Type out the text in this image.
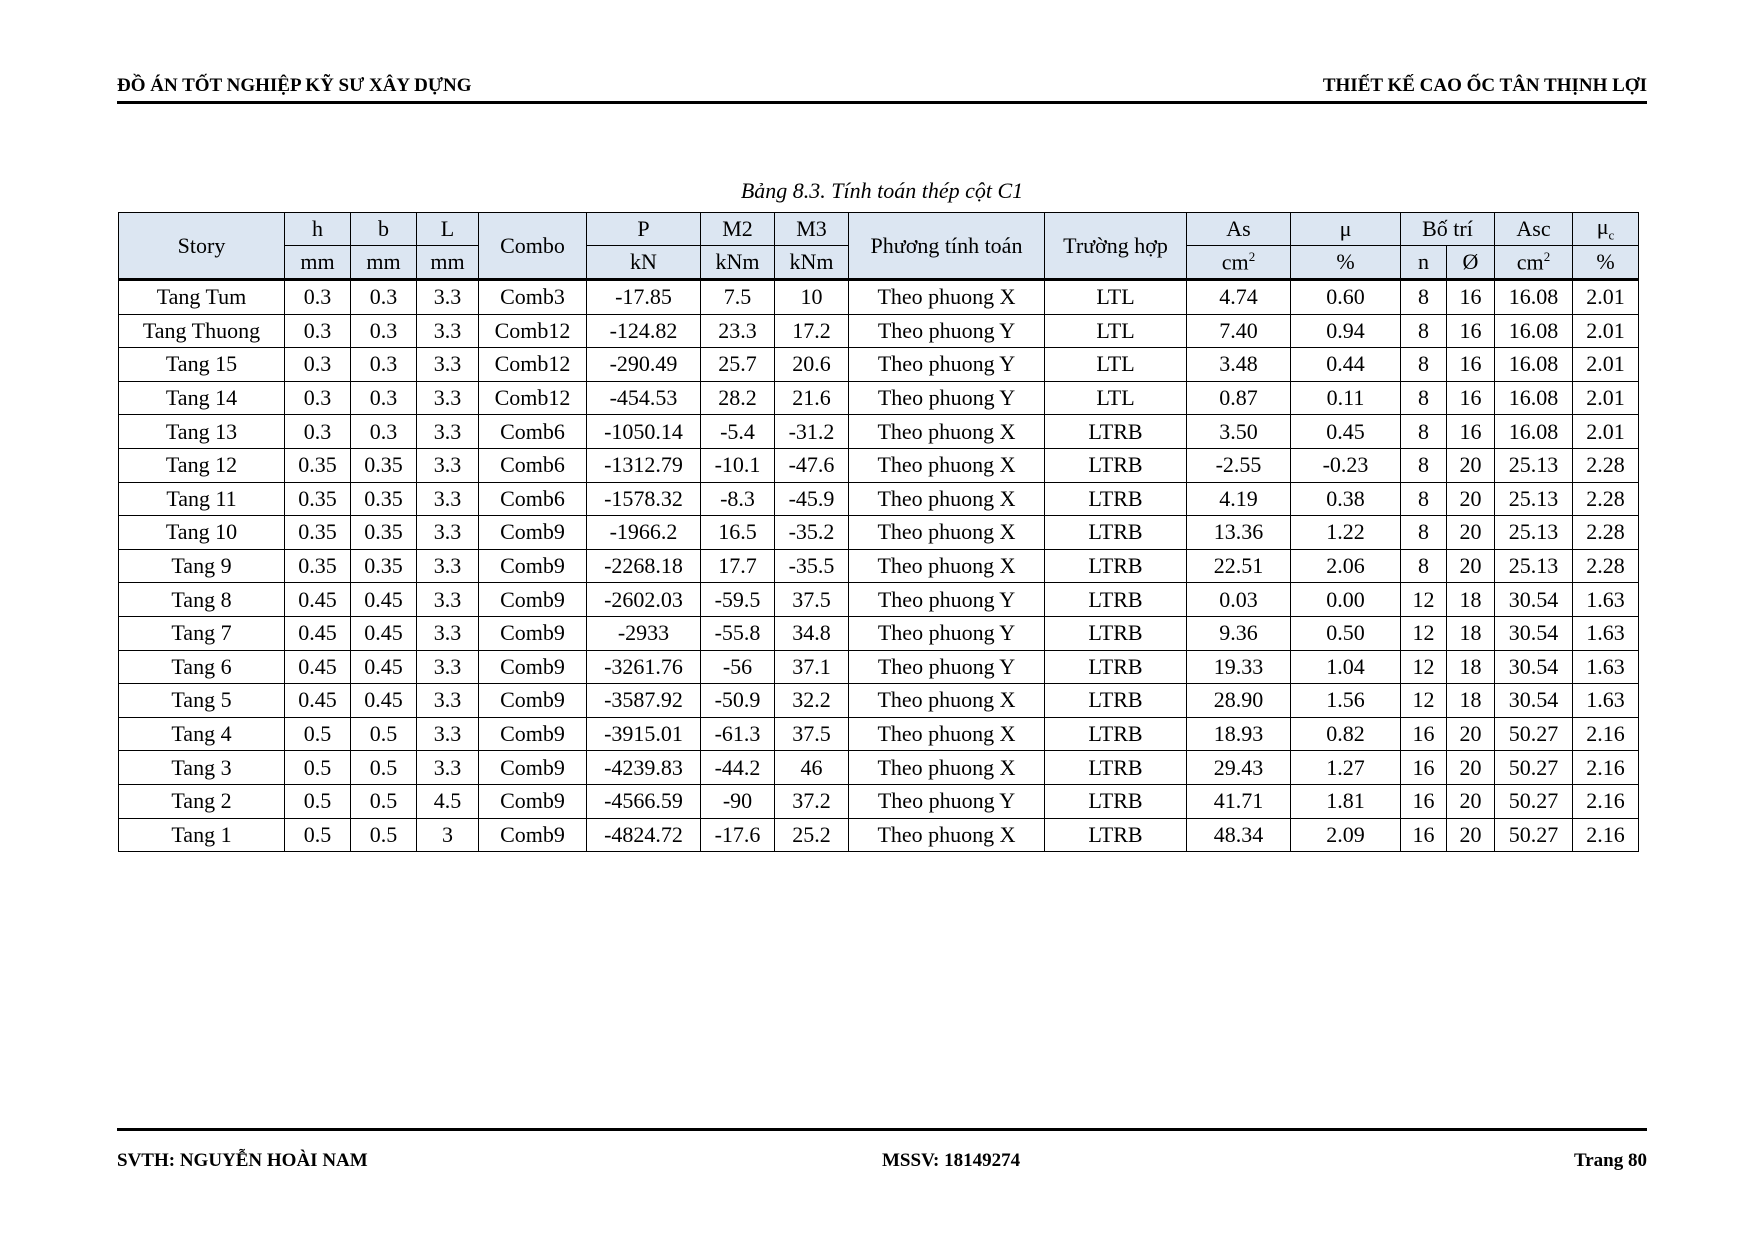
ĐỒ ÁN TỐT NGHIỆP KỸ SƯ XÂY DỰNG	THIẾT KẾ CAO ỐC TÂN THỊNH LỢI
Bảng 8.3. Tính toán thép cột C1
Story	h	b	L	Combo	P	M2	M3	Phương tính toán	Trường hợp	As	μ	Bố trí		Asc	$\mu_c$
	mm	mm	mm		kN	kNm	kNm			$cm^2$	%	n	Ø	$cm^2$	%
Tang Tum	0.3	0.3	3.3	Comb3	-17.85	7.5	10	Theo phuong X	LTL	4.74	0.60	8	16	16.08	2.01
Tang Thuong	0.3	0.3	3.3	Comb12	-124.82	23.3	17.2	Theo phuong Y	LTL	7.40	0.94	8	16	16.08	2.01
Tang 15	0.3	0.3	3.3	Comb12	-290.49	25.7	20.6	Theo phuong Y	LTL	3.48	0.44	8	16	16.08	2.01
Tang 14	0.3	0.3	3.3	Comb12	-454.53	28.2	21.6	Theo phuong Y	LTL	0.87	0.11	8	16	16.08	2.01
Tang 13	0.3	0.3	3.3	Comb6	-1050.14	-5.4	-31.2	Theo phuong X	LTRB	3.50	0.45	8	16	16.08	2.01
Tang 12	0.35	0.35	3.3	Comb6	-1312.79	-10.1	-47.6	Theo phuong X	LTRB	-2.55	-0.23	8	20	25.13	2.28
Tang 11	0.35	0.35	3.3	Comb6	-1578.32	-8.3	-45.9	Theo phuong X	LTRB	4.19	0.38	8	20	25.13	2.28
Tang 10	0.35	0.35	3.3	Comb9	-1966.2	16.5	-35.2	Theo phuong X	LTRB	13.36	1.22	8	20	25.13	2.28
Tang 9	0.35	0.35	3.3	Comb9	-2268.18	17.7	-35.5	Theo phuong X	LTRB	22.51	2.06	8	20	25.13	2.28
Tang 8	0.45	0.45	3.3	Comb9	-2602.03	-59.5	37.5	Theo phuong Y	LTRB	0.03	0.00	12	18	30.54	1.63
Tang 7	0.45	0.45	3.3	Comb9	-2933	-55.8	34.8	Theo phuong Y	LTRB	9.36	0.50	12	18	30.54	1.63
Tang 6	0.45	0.45	3.3	Comb9	-3261.76	-56	37.1	Theo phuong Y	LTRB	19.33	1.04	12	18	30.54	1.63
Tang 5	0.45	0.45	3.3	Comb9	-3587.92	-50.9	32.2	Theo phuong X	LTRB	28.90	1.56	12	18	30.54	1.63
Tang 4	0.5	0.5	3.3	Comb9	-3915.01	-61.3	37.5	Theo phuong X	LTRB	18.93	0.82	16	20	50.27	2.16
Tang 3	0.5	0.5	3.3	Comb9	-4239.83	-44.2	46	Theo phuong X	LTRB	29.43	1.27	16	20	50.27	2.16
Tang 2	0.5	0.5	4.5	Comb9	-4566.59	-90	37.2	Theo phuong Y	LTRB	41.71	1.81	16	20	50.27	2.16
Tang 1	0.5	0.5	3	Comb9	-4824.72	-17.6	25.2	Theo phuong X	LTRB	48.34	2.09	16	20	50.27	2.16
SVTH: NGUYỄN HOÀI NAM	MSSV: 18149274	Trang 80
